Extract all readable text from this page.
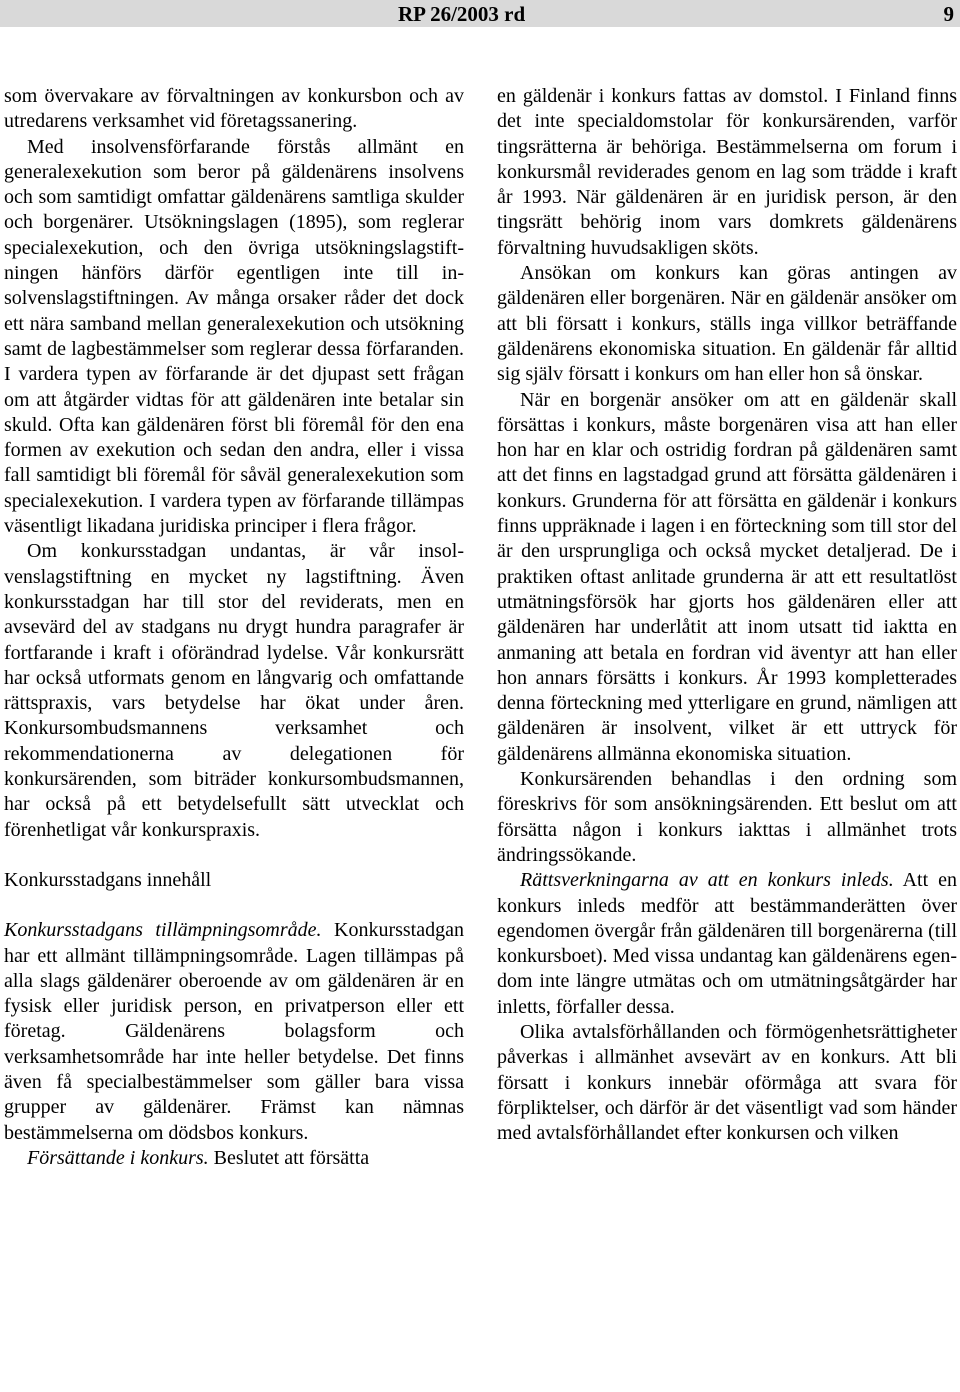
RP 26/2003 rd	9

som övervakare av förvaltningen av konkursbon och av utredarens verksamhet vid företagssanering.

Med insolvensförfarande förstås allmänt en generalexekution som beror på gäldenärens insolvens och som samtidigt omfattar gäldenärens samtliga skulder och borgenärer. Utsökningslagen (1895), som reglerar specialexekution, och den övriga utsökningslagstiftningen hänförs därför egentligen inte till insolvenslagstiftningen. Av många orsaker råder det dock ett nära samband mellan generalexekution och utsökning samt de lagbestämmelser som reglerar dessa förfaranden. I vardera typen av förfarande är det djupast sett frågan om att åtgärder vidtas för att gäldenären inte betalar sin skuld. Ofta kan gäldenären först bli föremål för den ena formen av exekution och sedan den andra, eller i vissa fall samtidigt bli föremål för såväl generalexekution som specialexekution. I vardera typen av förfarande tillämpas väsentligt likadana juridiska principer i flera frågor.

Om konkursstadgan undantas, är vår insolvenslagstiftning en mycket ny lagstiftning. Även konkursstadgan har till stor del reviderats, men en avsevärd del av stadgans nu drygt hundra paragrafer är fortfarande i kraft i oförändrad lydelse. Vår konkursrätt har också utformats genom en långvarig och omfattande rättspraxis, vars betydelse har ökat under åren. Konkursombudsmannens verksamhet och rekommendationerna av delegationen för konkursärenden, som biträder konkursombudsmannen, har också på ett betydelsefullt sätt utvecklat och förenhetligat vår konkurspraxis.

Konkursstadgans innehåll

Konkursstadgans tillämpningsområde. Konkursstadgan har ett allmänt tillämpningsområde. Lagen tillämpas på alla slags gäldenärer oberoende av om gäldenären är en fysisk eller juridisk person, en privatperson eller ett företag. Gäldenärens bolagsform och verksamhetsområde har inte heller betydelse. Det finns även få specialbestämmelser som gäller bara vissa grupper av gäldenärer. Främst kan nämnas bestämmelserna om dödsbos konkurs.

Försättande i konkurs. Beslutet att försätta

en gäldenär i konkurs fattas av domstol. I Finland finns det inte specialdomstolar för konkursärenden, varför tingsrätterna är behöriga. Bestämmelserna om forum i konkursmål reviderades genom en lag som trädde i kraft år 1993. När gäldenären är en juridisk person, är den tingsrätt behörig inom vars domkrets gäldenärens förvaltning huvudsakligen sköts.

Ansökan om konkurs kan göras antingen av gäldenären eller borgenären. När en gäldenär ansöker om att bli försatt i konkurs, ställs inga villkor beträffande gäldenärens ekonomiska situation. En gäldenär får alltid sig själv försatt i konkurs om han eller hon så önskar.

När en borgenär ansöker om att en gäldenär skall försättas i konkurs, måste borgenären visa att han eller hon har en klar och ostridig fordran på gäldenären samt att det finns en lagstadgad grund att försätta gäldenären i konkurs. Grunderna för att försätta en gäldenär i konkurs finns uppräknade i lagen i en förteckning som till stor del är den ursprungliga och också mycket detaljerad. De i praktiken oftast anlitade grunderna är att ett resultatlöst utmätningsförsök har gjorts hos gäldenären eller att gäldenären har underlåtit att inom utsatt tid iaktta en anmaning att betala en fordran vid äventyr att han eller hon annars försätts i konkurs. År 1993 kompletterades denna förteckning med ytterligare en grund, nämligen att gäldenären är insolvent, vilket är ett uttryck för gäldenärens allmänna ekonomiska situation.

Konkursärenden behandlas i den ordning som föreskrivs för som ansökningsärenden. Ett beslut om att försätta någon i konkurs iakttas i allmänhet trots ändringssökande.

Rättsverkningarna av att en konkurs inleds. Att en konkurs inleds medför att bestämmanderätten över egendomen övergår från gäldenären till borgenärerna (till konkursboet). Med vissa undantag kan gäldenärens egendom inte längre utmätas och om utmätningsåtgärder har inletts, förfaller dessa.

Olika avtalsförhållanden och förmögenhetsrättigheter påverkas i allmänhet avsevärt av en konkurs. Att bli försatt i konkurs innebär oförmåga att svara för förpliktelser, och därför är det väsentligt vad som händer med avtalsförhållandet efter konkursen och vilken
